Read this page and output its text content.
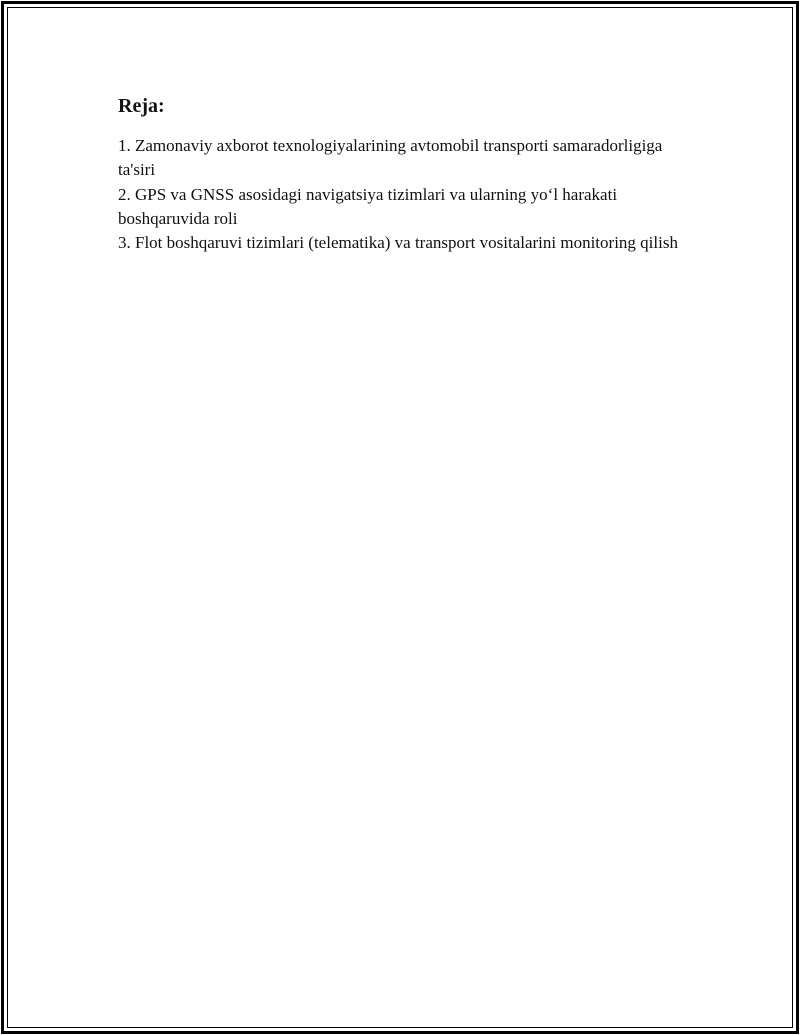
Reja:
1. Zamonaviy axborot texnologiyalarining avtomobil transporti samaradorligiga ta'siri
2. GPS va GNSS asosidagi navigatsiya tizimlari va ularning yo‘l harakati boshqaruvida roli
3. Flot boshqaruvi tizimlari (telematika) va transport vositalarini monitoring qilish
